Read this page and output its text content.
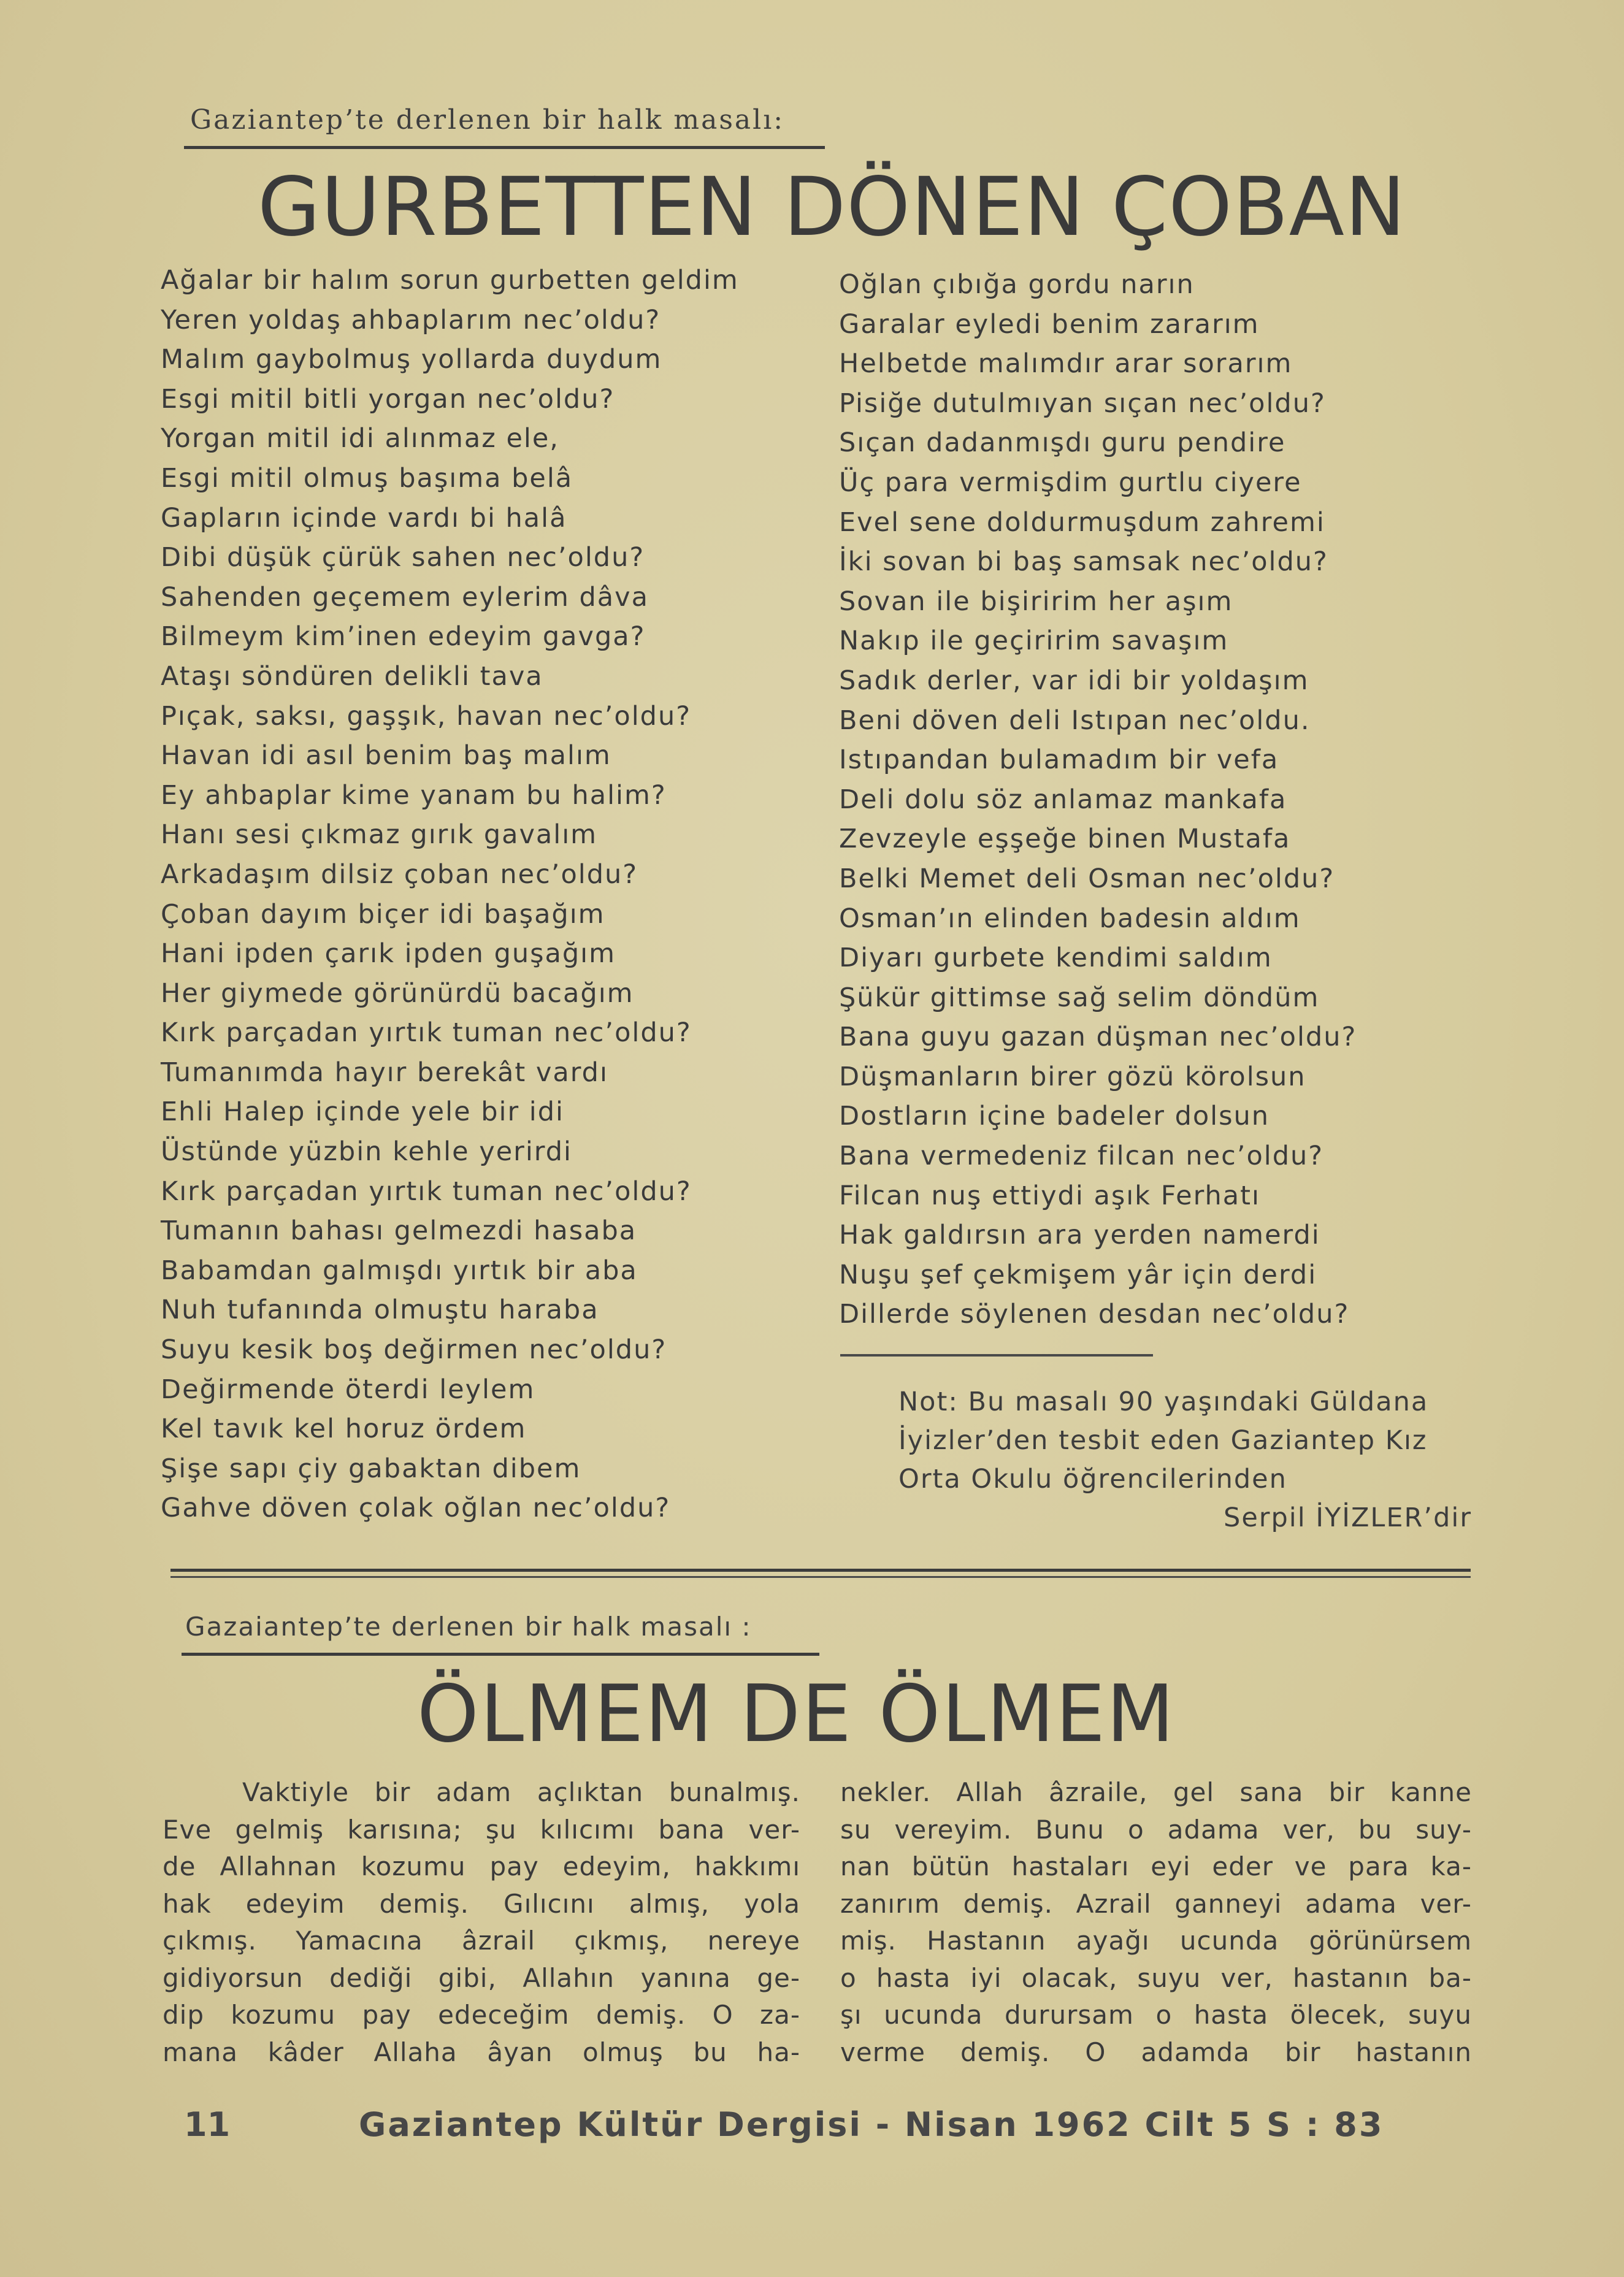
Gaziantep’te derlenen bir halk masalı:
GURBETTEN DÖNEN ÇOBAN
Ağalar bir halım sorun gurbetten geldim
Yeren yoldaş ahbaplarım nec’oldu?
Malım gaybolmuş yollarda duydum
Esgi mitil bitli yorgan nec’oldu?
Yorgan mitil idi alınmaz ele,
Esgi mitil olmuş başıma belâ
Gapların içinde vardı bi halâ
Dibi düşük çürük sahen nec’oldu?
Sahenden geçemem eylerim dâva
Bilmeym kim’inen edeyim gavga?
Ataşı söndüren delikli tava
Pıçak, saksı, gaşşık, havan nec’oldu?
Havan idi asıl benim baş malım
Ey ahbaplar kime yanam bu halim?
Hanı sesi çıkmaz gırık gavalım
Arkadaşım dilsiz çoban nec’oldu?
Çoban dayım biçer idi başağım
Hani ipden çarık ipden guşağım
Her giymede görünürdü bacağım
Kırk parçadan yırtık tuman nec’oldu?
Tumanımda hayır berekât vardı
Ehli Halep içinde yele bir idi
Üstünde yüzbin kehle yerirdi
Kırk parçadan yırtık tuman nec’oldu?
Tumanın bahası gelmezdi hasaba
Babamdan galmışdı yırtık bir aba
Nuh tufanında olmuştu haraba
Suyu kesik boş değirmen nec’oldu?
Değirmende öterdi leylem
Kel tavık kel horuz ördem
Şişe sapı çiy gabaktan dibem
Gahve döven çolak oğlan nec’oldu?
Oğlan çıbığa gordu narın
Garalar eyledi benim zararım
Helbetde malımdır arar sorarım
Pisiğe dutulmıyan sıçan nec’oldu?
Sıçan dadanmışdı guru pendire
Üç para vermişdim gurtlu ciyere
Evel sene doldurmuşdum zahremi
İki sovan bi baş samsak nec’oldu?
Sovan ile bişiririm her aşım
Nakıp ile geçiririm savaşım
Sadık derler, var idi bir yoldaşım
Beni döven deli Istıpan nec’oldu.
Istıpandan bulamadım bir vefa
Deli dolu söz anlamaz mankafa
Zevzeyle eşşeğe binen Mustafa
Belki Memet deli Osman nec’oldu?
Osman’ın elinden badesin aldım
Diyarı gurbete kendimi saldım
Şükür gittimse sağ selim döndüm
Bana guyu gazan düşman nec’oldu?
Düşmanların birer gözü körolsun
Dostların içine badeler dolsun
Bana vermedeniz filcan nec’oldu?
Filcan nuş ettiydi aşık Ferhatı
Hak galdırsın ara yerden namerdi
Nuşu şef çekmişem yâr için derdi
Dillerde söylenen desdan nec’oldu?
Not: Bu masalı 90 yaşındaki Güldana
İyizler’den tesbit eden Gaziantep Kız
Orta Okulu öğrencilerinden
Serpil İYİZLER’dir
Gazaiantep’te derlenen bir halk masalı :
ÖLMEM DE ÖLMEM
Vaktiyle bir adam açlıktan bunalmış.
Eve gelmiş karısına; şu kılıcımı bana ver-
de Allahnan kozumu pay edeyim, hakkımı
hak edeyim demiş. Gılıcını almış, yola
çıkmış. Yamacına âzrail çıkmış, nereye
gidiyorsun dediği gibi, Allahın yanına ge-
dip kozumu pay edeceğim demiş. O za-
mana kâder Allaha âyan olmuş bu ha-
nekler. Allah âzraile, gel sana bir kanne
su vereyim. Bunu o adama ver, bu suy-
nan bütün hastaları eyi eder ve para ka-
zanırım demiş. Azrail ganneyi adama ver-
miş. Hastanın ayağı ucunda görünürsem
o hasta iyi olacak, suyu ver, hastanın ba-
şı ucunda durursam o hasta ölecek, suyu
verme demiş. O adamda bir hastanın
11	Gaziantep Kültür Dergisi - Nisan 1962 Cilt 5 S : 83
